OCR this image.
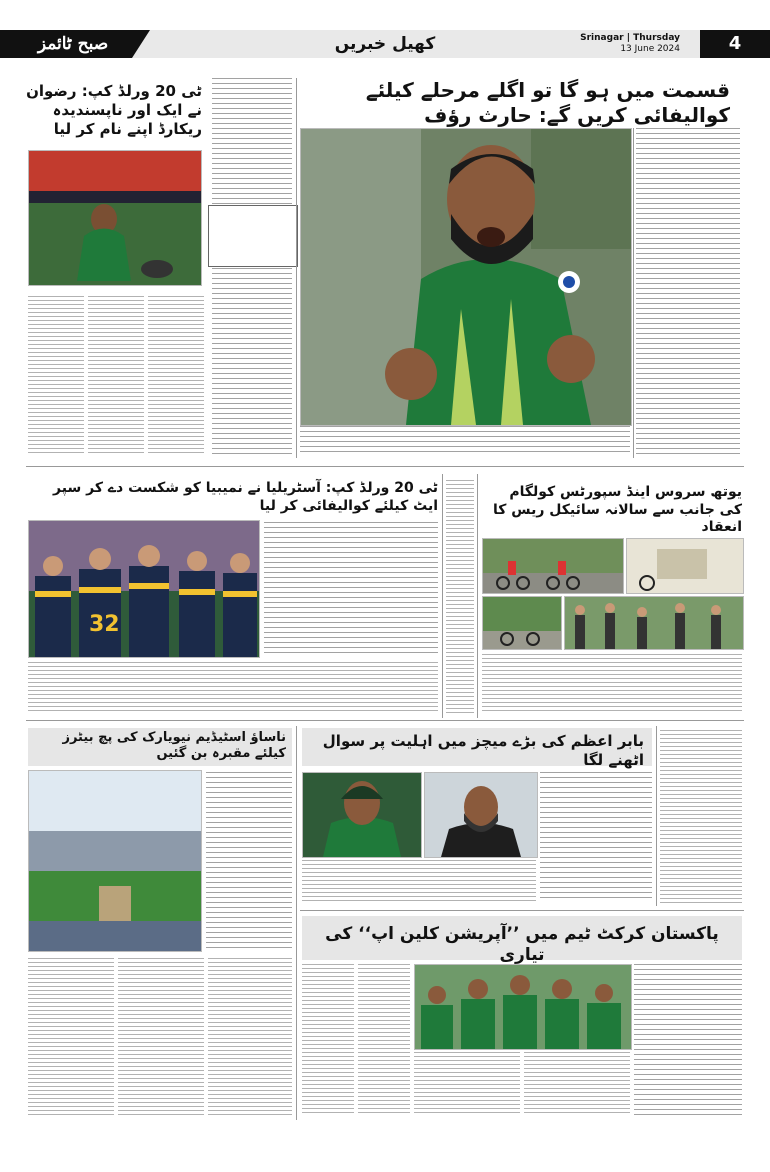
صبح ٹائمز	کھیل خبریں	Srinagar | Thursday
13 June 2024	4
قسمت میں ہو گا تو اگلے مرحلے کیلئے کوالیفائی کریں گے: حارث رؤف
ٹی 20 ورلڈ کپ: رضوان نے ایک اور ناپسندیدہ ریکارڈ اپنے نام کر لیا
ٹی 20 ورلڈ کپ: آسٹریلیا نے نمیبیا کو شکست دے کر سپر ایٹ کیلئے کوالیفائی کر لیا
32
یوتھ سروس اینڈ سپورٹس کولگام کی جانب سے سالانہ سائیکل ریس کا انعقاد
ناساؤ اسٹیڈیم نیویارک کی پچ بیٹرز کیلئے مقبرہ بن گئیں
بابر اعظم کی بڑے میچز میں اہلیت پر سوال اٹھنے لگا
پاکستان کرکٹ ٹیم میں ’’آپریشن کلین اپ‘‘ کی تیاری
